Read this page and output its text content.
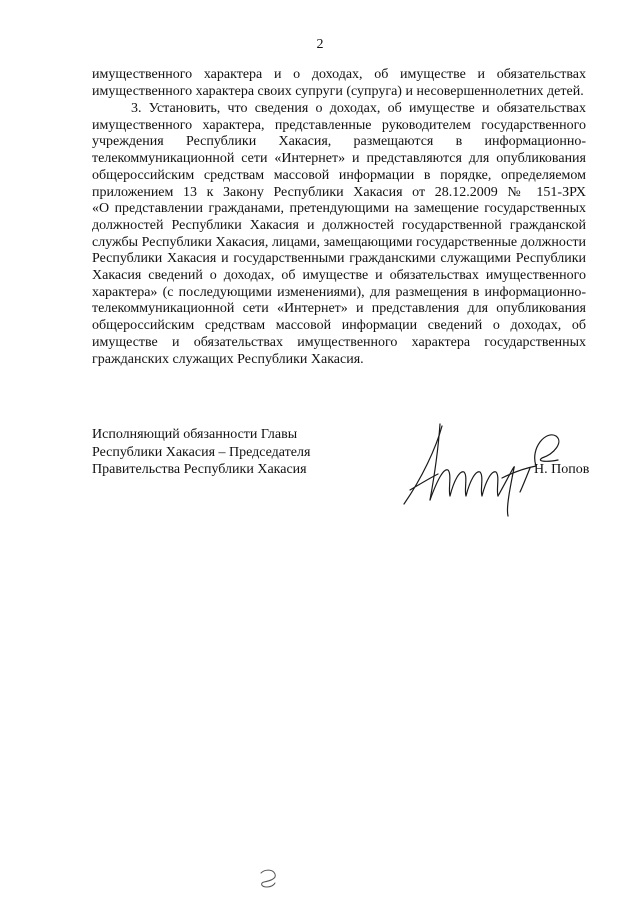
2
имущественного характера и о доходах, об имуществе и обязательствах
имущественного характера своих супруги (супруга) и несовершеннолетних детей.
3. Установить, что сведения о доходах, об имуществе и обязательствах
имущественного характера, представленные руководителем государственного
учреждения Республики Хакасия, размещаются в информационно-
телекоммуникационной сети «Интернет» и представляются для опубликования
общероссийским средствам массовой информации в порядке, определяемом
приложением 13 к Закону Республики Хакасия от 28.12.2009 № 151-ЗРХ
«О представлении гражданами, претендующими на замещение государственных
должностей Республики Хакасия и должностей государственной гражданской
службы Республики Хакасия, лицами, замещающими государственные должности
Республики Хакасия и государственными гражданскими служащими Республики
Хакасия сведений о доходах, об имуществе и обязательствах имущественного
характера» (с последующими изменениями), для размещения в информационно-
телекоммуникационной сети «Интернет» и представления для опубликования
общероссийским средствам массовой информации сведений о доходах, об
имуществе и обязательствах имущественного характера государственных
гражданских служащих Республики Хакасия.
Исполняющий обязанности Главы
Республики Хакасия – Председателя
Правительства Республики Хакасия	Н. Попов
